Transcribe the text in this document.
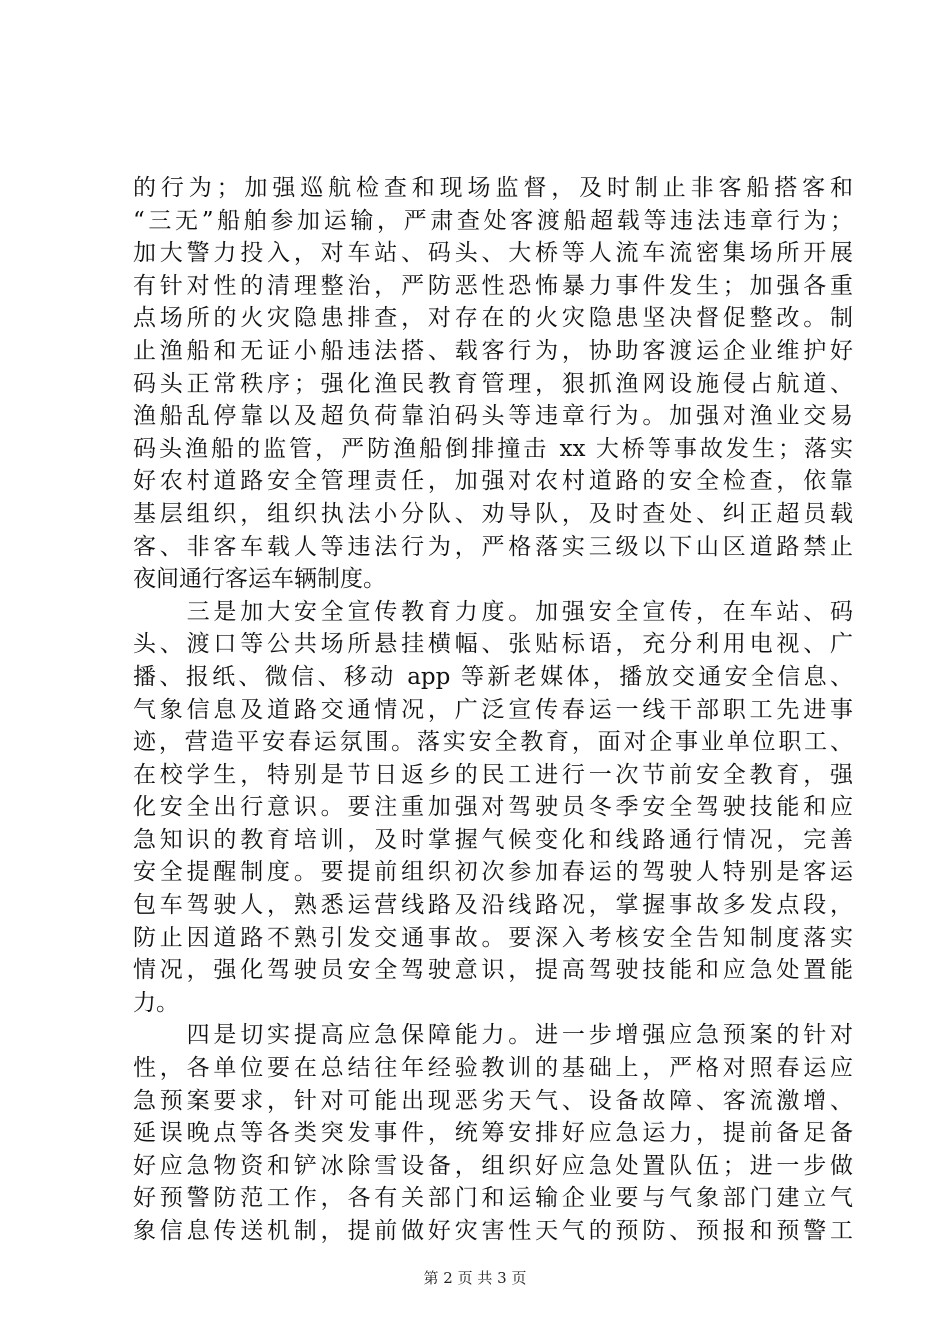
的行为；加强巡航检查和现场监督，及时制止非客船搭客和
“三无”船舶参加运输，严肃查处客渡船超载等违法违章行为；
加大警力投入，对车站、码头、大桥等人流车流密集场所开展
有针对性的清理整治，严防恶性恐怖暴力事件发生；加强各重
点场所的火灾隐患排查，对存在的火灾隐患坚决督促整改。制
止渔船和无证小船违法搭、载客行为，协助客渡运企业维护好
码头正常秩序；强化渔民教育管理，狠抓渔网设施侵占航道、
渔船乱停靠以及超负荷靠泊码头等违章行为。加强对渔业交易
码头渔船的监管，严防渔船倒排撞击 xx 大桥等事故发生；落实
好农村道路安全管理责任，加强对农村道路的安全检查，依靠
基层组织，组织执法小分队、劝导队，及时查处、纠正超员载
客、非客车载人等违法行为，严格落实三级以下山区道路禁止
夜间通行客运车辆制度。
　　三是加大安全宣传教育力度。加强安全宣传，在车站、码
头、渡口等公共场所悬挂横幅、张贴标语，充分利用电视、广
播、报纸、微信、移动 app 等新老媒体，播放交通安全信息、
气象信息及道路交通情况，广泛宣传春运一线干部职工先进事
迹，营造平安春运氛围。落实安全教育，面对企事业单位职工、
在校学生，特别是节日返乡的民工进行一次节前安全教育，强
化安全出行意识。要注重加强对驾驶员冬季安全驾驶技能和应
急知识的教育培训，及时掌握气候变化和线路通行情况，完善
安全提醒制度。要提前组织初次参加春运的驾驶人特别是客运
包车驾驶人，熟悉运营线路及沿线路况，掌握事故多发点段，
防止因道路不熟引发交通事故。要深入考核安全告知制度落实
情况，强化驾驶员安全驾驶意识，提高驾驶技能和应急处置能
力。
　　四是切实提高应急保障能力。进一步增强应急预案的针对
性，各单位要在总结往年经验教训的基础上，严格对照春运应
急预案要求，针对可能出现恶劣天气、设备故障、客流激增、
延误晚点等各类突发事件，统筹安排好应急运力，提前备足备
好应急物资和铲冰除雪设备，组织好应急处置队伍；进一步做
好预警防范工作，各有关部门和运输企业要与气象部门建立气
象信息传送机制，提前做好灾害性天气的预防、预报和预警工
第 2 页 共 3 页
